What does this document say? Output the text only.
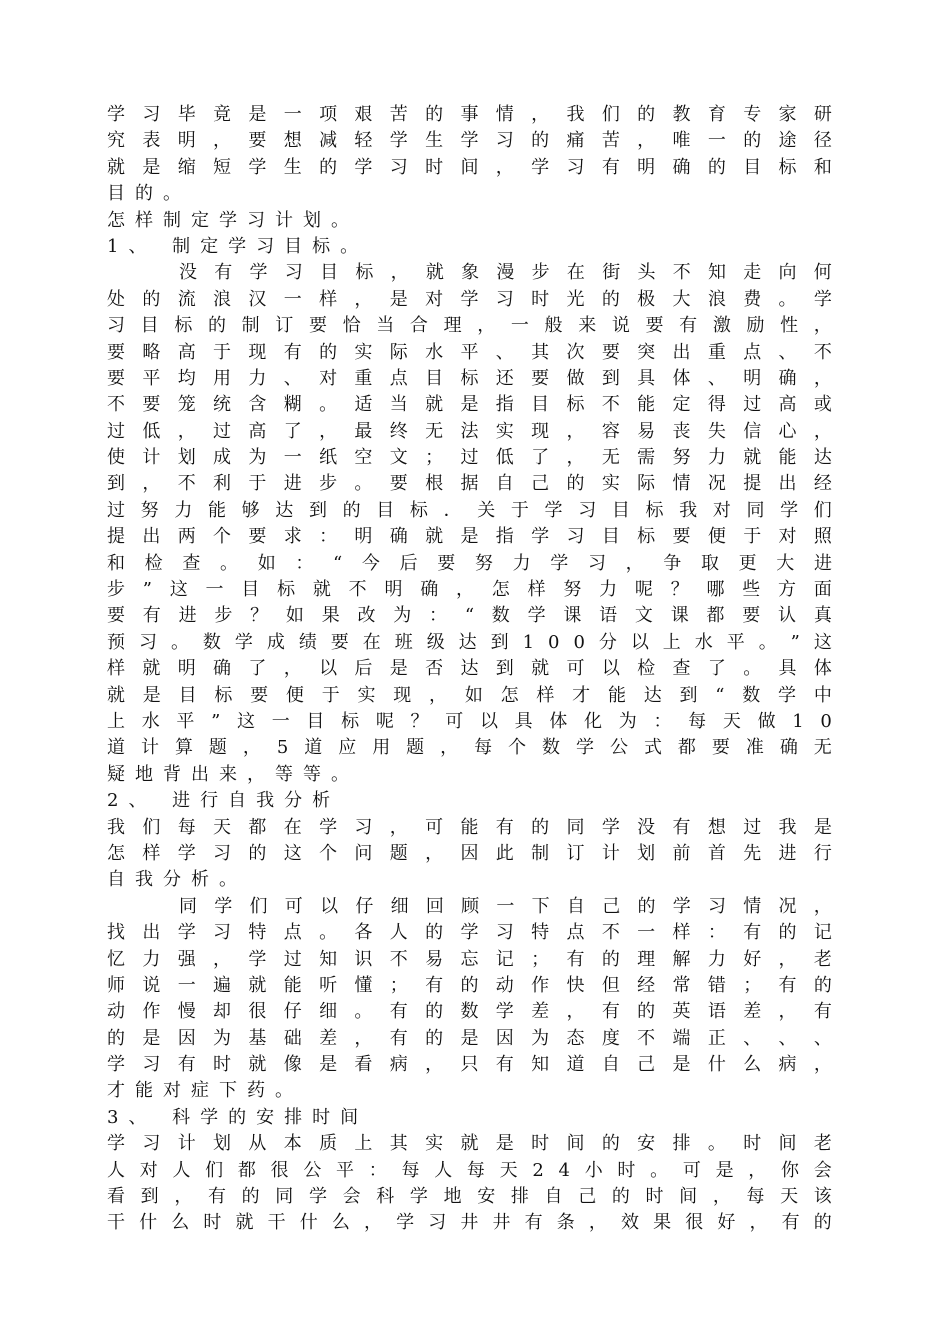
学 习 毕 竟 是 一 项 艰 苦 的 事 情 ， 我 们 的 教 育 专 家 研
究 表 明 ， 要 想 减 轻 学 生 学 习 的 痛 苦 ， 唯 一 的 途 径
就 是 缩 短 学 生 的 学 习 时 间 ， 学 习 有 明 确 的 目 标 和
目的。
怎样制定学习计划。
1、 制定学习目标。
没 有 学 习 目 标 ， 就 象 漫 步 在 街 头 不 知 走 向 何
处 的 流 浪 汉 一 样 ， 是 对 学 习 时 光 的 极 大 浪 费 。 学
习 目 标 的 制 订 要 恰 当 合 理 ， 一 般 来 说 要 有 激 励 性 ，
要 略 高 于 现 有 的 实 际 水 平 、 其 次 要 突 出 重 点 、 不
要 平 均 用 力 、 对 重 点 目 标 还 要 做 到 具 体 、 明 确 ，
不 要 笼 统 含 糊 。 适 当 就 是 指 目 标 不 能 定 得 过 高 或
过 低 ， 过 高 了 ， 最 终 无 法 实 现 ， 容 易 丧 失 信 心 ，
使 计 划 成 为 一 纸 空 文 ； 过 低 了 ， 无 需 努 力 就 能 达
到 ， 不 利 于 进 步 。 要 根 据 自 己 的 实 际 情 况 提 出 经
过 努 力 能 够 达 到 的 目 标 ． 关 于 学 习 目 标 我 对 同 学 们
提 出 两 个 要 求 ： 明 确 就 是 指 学 习 目 标 要 便 于 对 照
和 检 查 。 如 ： “ 今 后 要 努 力 学 习 ， 争 取 更 大 进
步 ” 这 一 目 标 就 不 明 确 ， 怎 样 努 力 呢 ？ 哪 些 方 面
要 有 进 步 ？ 如 果 改 为 ： “ 数 学 课 语 文 课 都 要 认 真
预 习 。 数 学 成 绩 要 在 班 级 达 到 1 0 0 分 以 上 水 平 。 ” 这
样 就 明 确 了 ， 以 后 是 否 达 到 就 可 以 检 查 了 。 具 体
就 是 目 标 要 便 于 实 现 ， 如 怎 样 才 能 达 到 “ 数 学 中
上 水 平 ” 这 一 目 标 呢 ？ 可 以 具 体 化 为 ： 每 天 做 1 0
道 计 算 题 ， 5 道 应 用 题 ， 每 个 数 学 公 式 都 要 准 确 无
疑地背出来，等等。
2、 进行自我分析
我 们 每 天 都 在 学 习 ， 可 能 有 的 同 学 没 有 想 过 我 是
怎 样 学 习 的 这 个 问 题 ， 因 此 制 订 计 划 前 首 先 进 行
自我分析。
同 学 们 可 以 仔 细 回 顾 一 下 自 己 的 学 习 情 况 ，
找 出 学 习 特 点 。 各 人 的 学 习 特 点 不 一 样 ： 有 的 记
忆 力 强 ， 学 过 知 识 不 易 忘 记 ； 有 的 理 解 力 好 ， 老
师 说 一 遍 就 能 听 懂 ； 有 的 动 作 快 但 经 常 错 ； 有 的
动 作 慢 却 很 仔 细 。 有 的 数 学 差 ， 有 的 英 语 差 ， 有
的 是 因 为 基 础 差 ， 有 的 是 因 为 态 度 不 端 正 、 、 、
学 习 有 时 就 像 是 看 病 ， 只 有 知 道 自 己 是 什 么 病 ，
才能对症下药。
3、 科学的安排时间
学 习 计 划 从 本 质 上 其 实 就 是 时 间 的 安 排 。 时 间 老
人 对 人 们 都 很 公 平 ： 每 人 每 天 2 4 小 时 。 可 是 ， 你 会
看 到 ， 有 的 同 学 会 科 学 地 安 排 自 己 的 时 间 ， 每 天 该
干 什 么 时 就 干 什 么 ， 学 习 井 井 有 条 ， 效 果 很 好 ， 有 的
